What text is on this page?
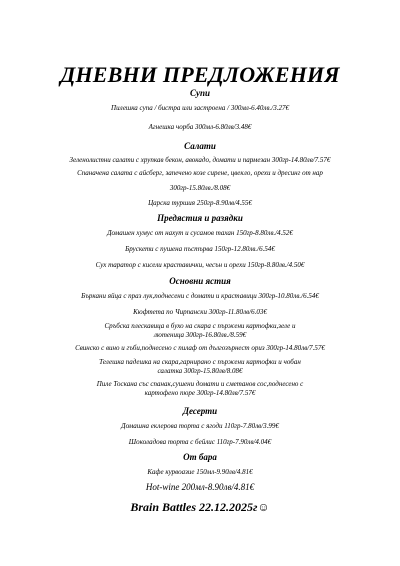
ДНЕВНИ ПРЕДЛОЖЕНИЯ
Супи
Пилешка супа / бистра или застроена / 300мл-6.40лв./3.27€
Агнешка чорба 300мл-6.80лв/3.48€
Салати
Зеленолистни салати с хрупкав бекон, авокадо, домати и пармезан 300гр-14.80лв/7.57€
Спаначена салата с айсберг, запечено козе сирене, цвекло, орехи и дресинг от нар
300гр-15.80лв./8.08€
Царска туршия 250гр-8.90лв/4.55€
Предястия и разядки
Домашен хумус от нахут и сусамов тахан 150гр-8.80лв./4.52€
Брускети с пушена пъстърва 150гр-12.80лв./6.54€
Сух таратор с кисели краставички, чесън и орехи 150гр-8.80лв./4.50€
Основни ястия
Бъркани яйца с праз лук,поднесени с домати и краставици 300гр-10.80лв./6.54€
Кюфтета по Чирпански 300гр-11.80лв/6.03€
Сръбска плескавица в бухо на скара с пържени картофки,зеле и лютеница 300гр-16.80лв./8.59€
Свинско с вино и гъби,поднесено с пилаф от дългозърнест ориз 300гр-14.80лв/7.57€
Телешка падешка на скара,гарнирано с пържени картофки и чобан салатка 300гр-15.80лв/8.08€
Пиле Тоскана със спанак,сушени домати и сметанов сос,поднесено с картофено пюре 300гр-14.80лв/7.57€
Десерти
Домашна еклерова торта с ягоди 110гр-7.80лв/3.99€
Шоколадова торта с бейлис 110гр-7.90лв/4.04€
От бара
Кафе курвоазие 150мл-9.90лв/4.81€
Hot-wine 200мл-8.90лв/4.81€
Brain Battles 22.12.2025г☺
